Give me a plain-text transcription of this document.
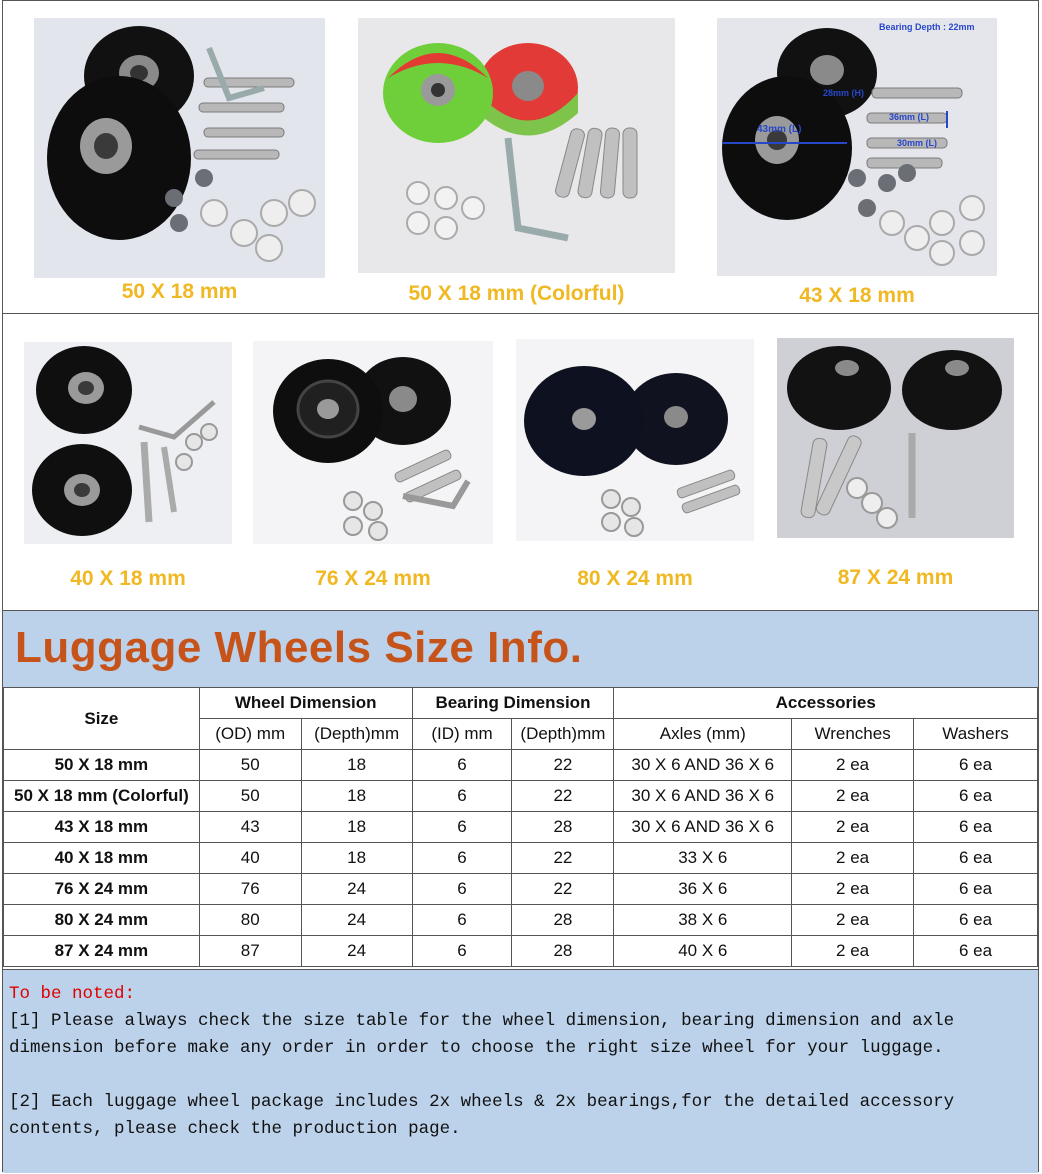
50 X 18 mm	50 X 18 mm (Colorful)
Bearing Depth : 22mm
28mm (H)
36mm (L)
30mm (L)
43mm (L)
43 X 18 mm
40 X 18 mm	76 X 24 mm	80 X 24 mm	87 X 24 mm
Luggage Wheels Size Info.
Size	Wheel Dimension		Bearing Dimension		Accessories		
	(OD) mm	(Depth)mm	(ID) mm	(Depth)mm	Axles (mm)	Wrenches	Washers
50 X 18 mm	50	18	6	22	30 X 6 AND 36 X 6	2 ea	6 ea
50 X 18 mm (Colorful)	50	18	6	22	30 X 6 AND 36 X 6	2 ea	6 ea
43 X 18 mm	43	18	6	28	30 X 6 AND 36 X 6	2 ea	6 ea
40 X 18 mm	40	18	6	22	33 X 6	2 ea	6 ea
76 X 24 mm	76	24	6	22	36 X 6	2 ea	6 ea
80 X 24 mm	80	24	6	28	38 X 6	2 ea	6 ea
87 X 24 mm	87	24	6	28	40 X 6	2 ea	6 ea

To be noted:

[1] Please always check the size table for the wheel dimension, bearing dimension and axle dimension before make any order in order to choose the right size wheel for your luggage.

[2] Each luggage wheel package includes 2x wheels & 2x bearings,for the detailed accessory contents, please check the production page.
